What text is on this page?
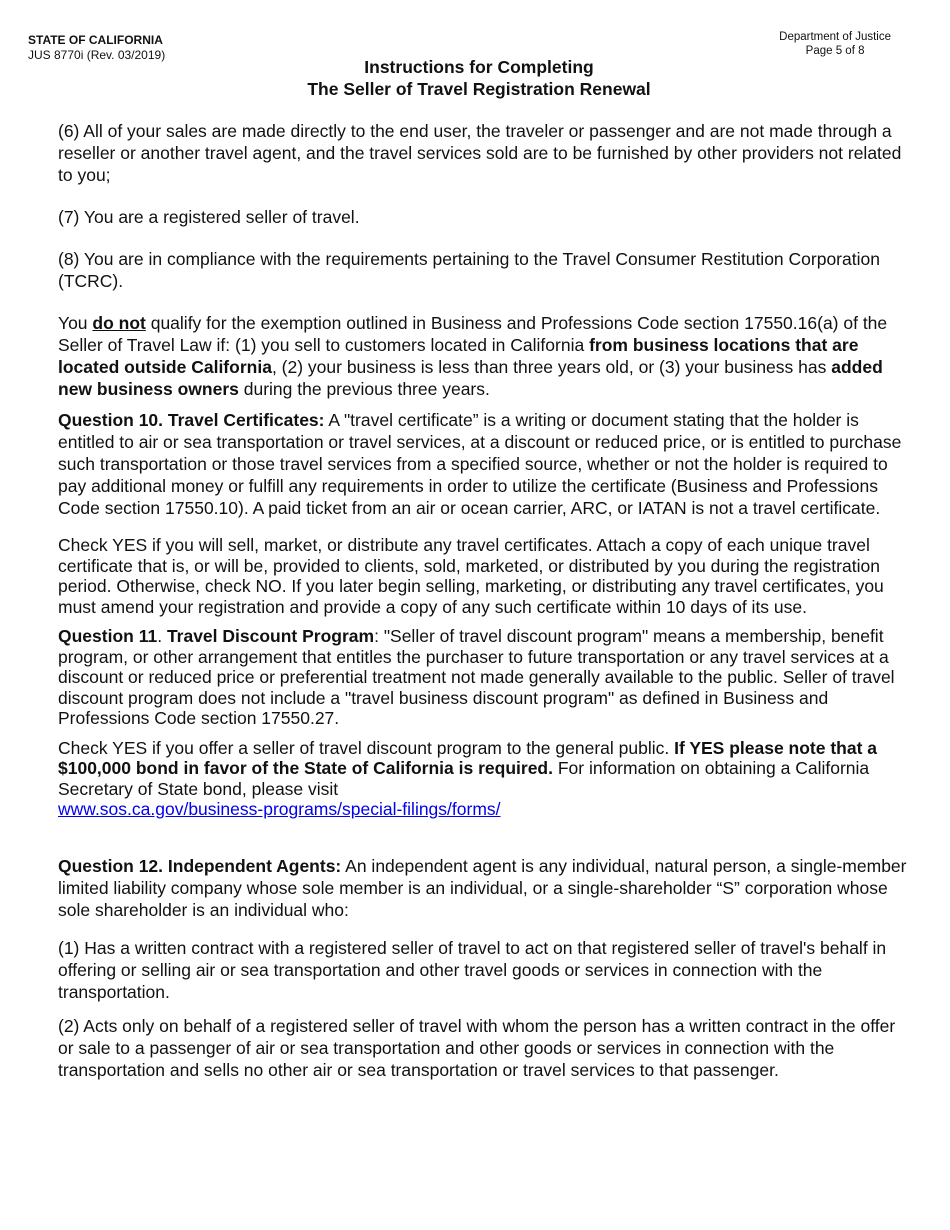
STATE OF CALIFORNIA
JUS 8770i (Rev. 03/2019)
Department of Justice
Page 5 of 8
Instructions for Completing
The Seller of Travel Registration Renewal

(6) All of your sales are made directly to the end user, the traveler or passenger and are not made through a reseller or another travel agent, and the travel services sold are to be furnished by other providers not related to you;

(7) You are a registered seller of travel.

(8) You are in compliance with the requirements pertaining to the Travel Consumer Restitution Corporation (TCRC).

You do not qualify for the exemption outlined in Business and Professions Code section 17550.16(a) of the Seller of Travel Law if: (1) you sell to customers located in California from business locations that are located outside California, (2) your business is less than three years old, or (3) your business has added new business owners during the previous three years.

Question 10. Travel Certificates: A "travel certificate” is a writing or document stating that the holder is entitled to air or sea transportation or travel services, at a discount or reduced price, or is entitled to purchase such transportation or those travel services from a specified source, whether or not the holder is required to pay additional money or fulfill any requirements in order to utilize the certificate (Business and Professions Code section 17550.10). A paid ticket from an air or ocean carrier, ARC, or IATAN is not a travel certificate.

Check YES if you will sell, market, or distribute any travel certificates. Attach a copy of each unique travel certificate that is, or will be, provided to clients, sold, marketed, or distributed by you during the registration period. Otherwise, check NO. If you later begin selling, marketing, or distributing any travel certificates, you must amend your registration and provide a copy of any such certificate within 10 days of its use.

Question 11. Travel Discount Program: "Seller of travel discount program" means a membership, benefit program, or other arrangement that entitles the purchaser to future transportation or any travel services at a discount or reduced price or preferential treatment not made generally available to the public. Seller of travel discount program does not include a "travel business discount program" as defined in Business and Professions Code section 17550.27.

Check YES if you offer a seller of travel discount program to the general public. If YES please note that a $100,000 bond in favor of the State of California is required. For information on obtaining a California Secretary of State bond, please visit
www.sos.ca.gov/business-programs/special-filings/forms/

Question 12. Independent Agents: An independent agent is any individual, natural person, a single-member limited liability company whose sole member is an individual, or a single-shareholder “S” corporation whose sole shareholder is an individual who:

(1) Has a written contract with a registered seller of travel to act on that registered seller of travel's behalf in offering or selling air or sea transportation and other travel goods or services in connection with the transportation.

(2) Acts only on behalf of a registered seller of travel with whom the person has a written contract in the offer or sale to a passenger of air or sea transportation and other goods or services in connection with the transportation and sells no other air or sea transportation or travel services to that passenger.
